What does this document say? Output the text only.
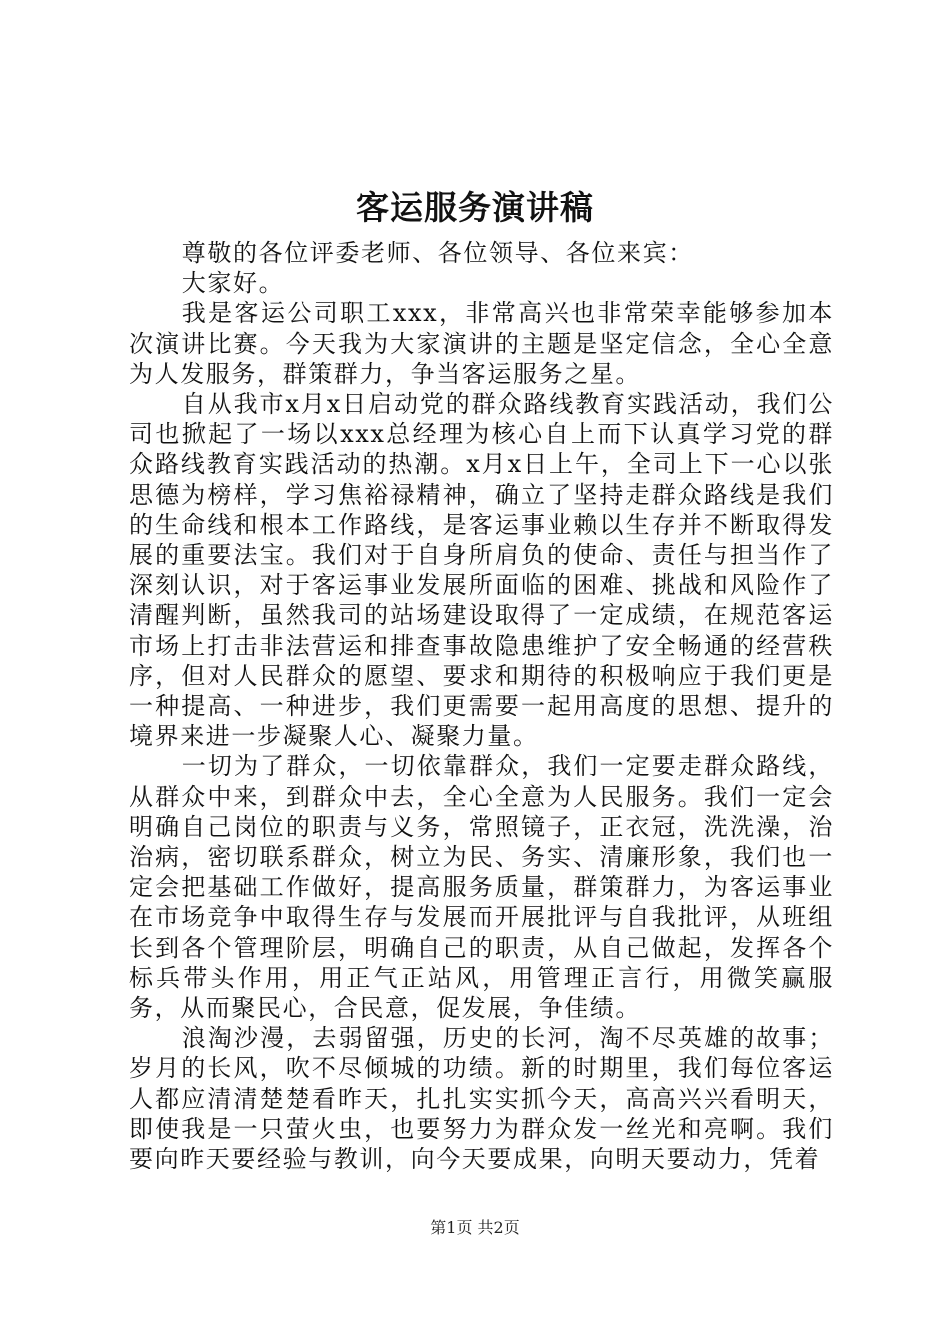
客运服务演讲稿

尊敬的各位评委老师、各位领导、各位来宾：

大家好。

我是客运公司职工xxx，非常高兴也非常荣幸能够参加本次演讲比赛。今天我为大家演讲的主题是坚定信念，全心全意为人发服务，群策群力，争当客运服务之星。

自从我市x月x日启动党的群众路线教育实践活动，我们公司也掀起了一场以xxx总经理为核心自上而下认真学习党的群众路线教育实践活动的热潮。x月x日上午，全司上下一心以张思德为榜样，学习焦裕禄精神，确立了坚持走群众路线是我们的生命线和根本工作路线，是客运事业赖以生存并不断取得发展的重要法宝。我们对于自身所肩负的使命、责任与担当作了深刻认识，对于客运事业发展所面临的困难、挑战和风险作了清醒判断，虽然我司的站场建设取得了一定成绩，在规范客运市场上打击非法营运和排查事故隐患维护了安全畅通的经营秩序，但对人民群众的愿望、要求和期待的积极响应于我们更是一种提高、一种进步，我们更需要一起用高度的思想、提升的境界来进一步凝聚人心、凝聚力量。

一切为了群众，一切依靠群众，我们一定要走群众路线，从群众中来，到群众中去，全心全意为人民服务。我们一定会明确自己岗位的职责与义务，常照镜子，正衣冠，洗洗澡，治治病，密切联系群众，树立为民、务实、清廉形象，我们也一定会把基础工作做好，提高服务质量，群策群力，为客运事业在市场竞争中取得生存与发展而开展批评与自我批评，从班组长到各个管理阶层，明确自己的职责，从自己做起，发挥各个标兵带头作用，用正气正站风，用管理正言行，用微笑赢服务，从而聚民心，合民意，促发展，争佳绩。

浪淘沙漫，去弱留强，历史的长河，淘不尽英雄的故事；岁月的长风，吹不尽倾城的功绩。新的时期里，我们每位客运人都应清清楚楚看昨天，扎扎实实抓今天，高高兴兴看明天，即使我是一只萤火虫，也要努力为群众发一丝光和亮啊。我们要向昨天要经验与教训，向今天要成果，向明天要动力，凭着

第1页 共2页
